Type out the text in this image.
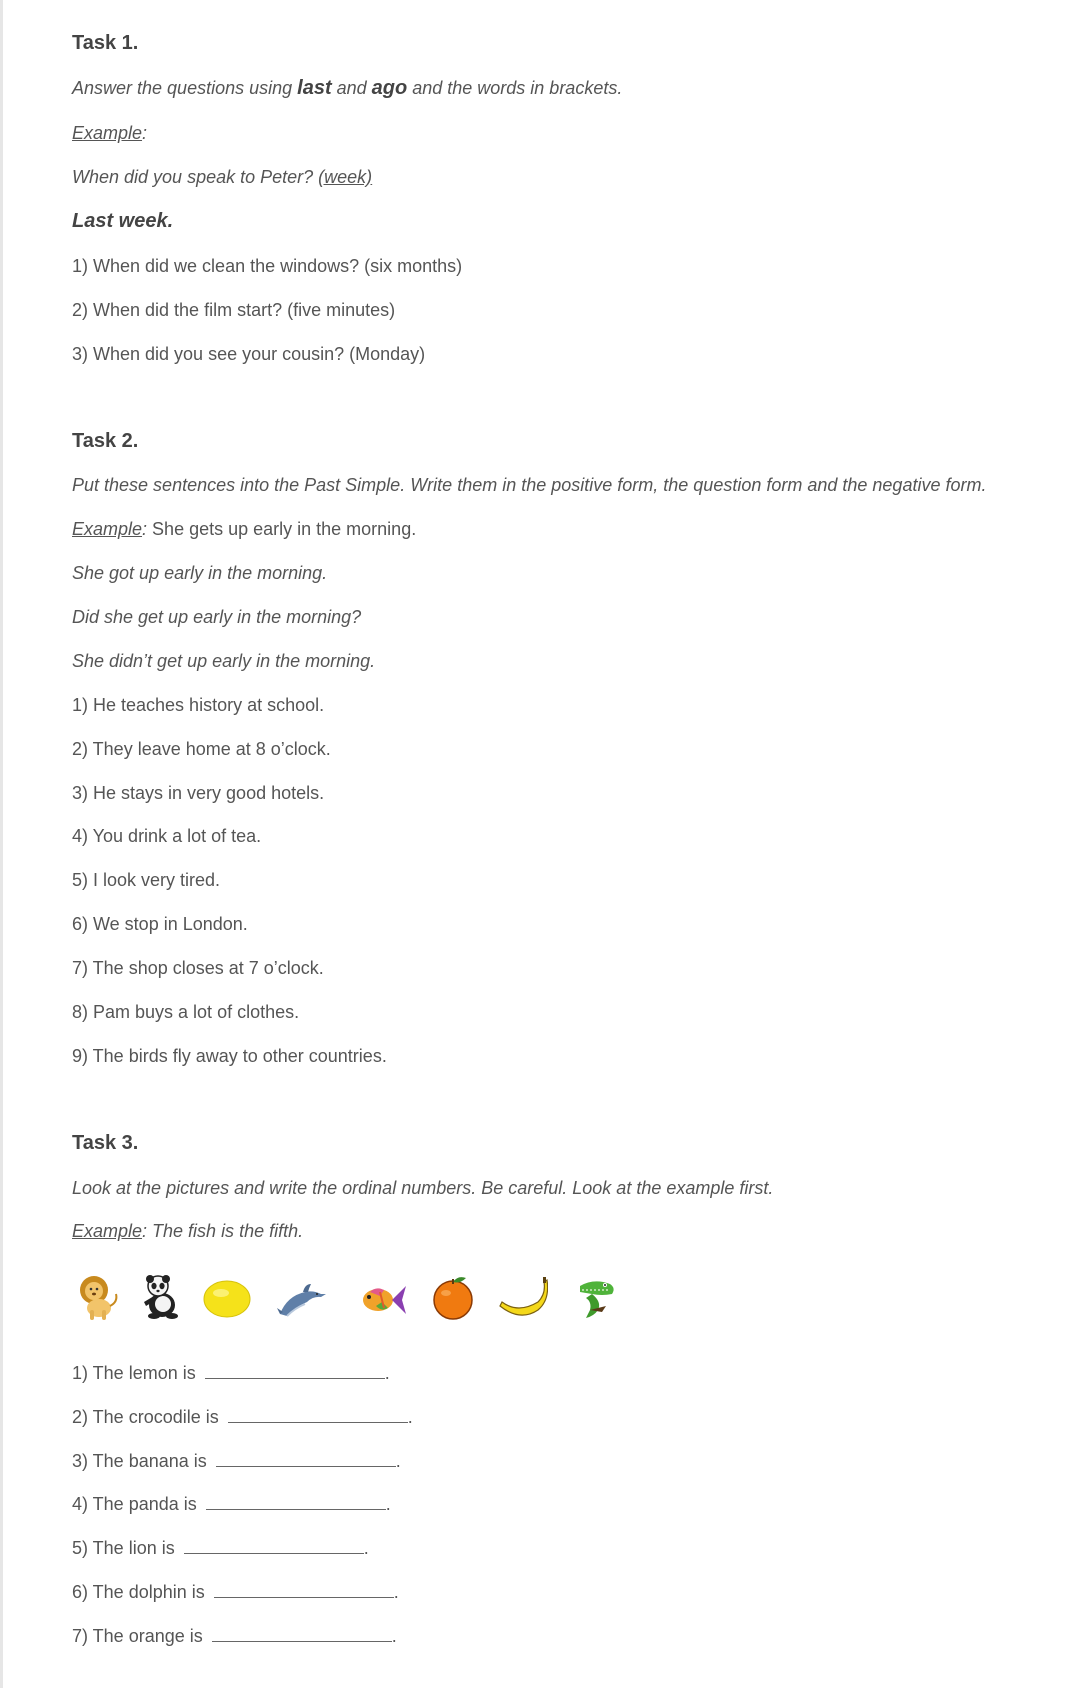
Task 1.
Answer the questions using last and ago and the words in brackets.
Example:
When did you speak to Peter? (week)
Last week.
1) When did we clean the windows? (six months)
2) When did the film start? (five minutes)
3) When did you see your cousin? (Monday)
Task 2.
Put these sentences into the Past Simple. Write them in the positive form, the question form and the negative form.
Example: She gets up early in the morning.
She got up early in the morning.
Did she get up early in the morning?
She didn’t get up early in the morning.
1) He teaches history at school.
2) They leave home at 8 o’clock.
3) He stays in very good hotels.
4) You drink a lot of tea.
5) I look very tired.
6) We stop in London.
7) The shop closes at 7 o’clock.
8) Pam buys a lot of clothes.
9) The birds fly away to other countries.
Task 3.
Look at the pictures and write the ordinal numbers. Be careful. Look at the example first.
Example: The fish is the fifth.
1) The lemon is	.
2) The crocodile is	.
3) The banana is	.
4) The panda is	.
5) The lion is	.
6) The dolphin is	.
7) The orange is	.
